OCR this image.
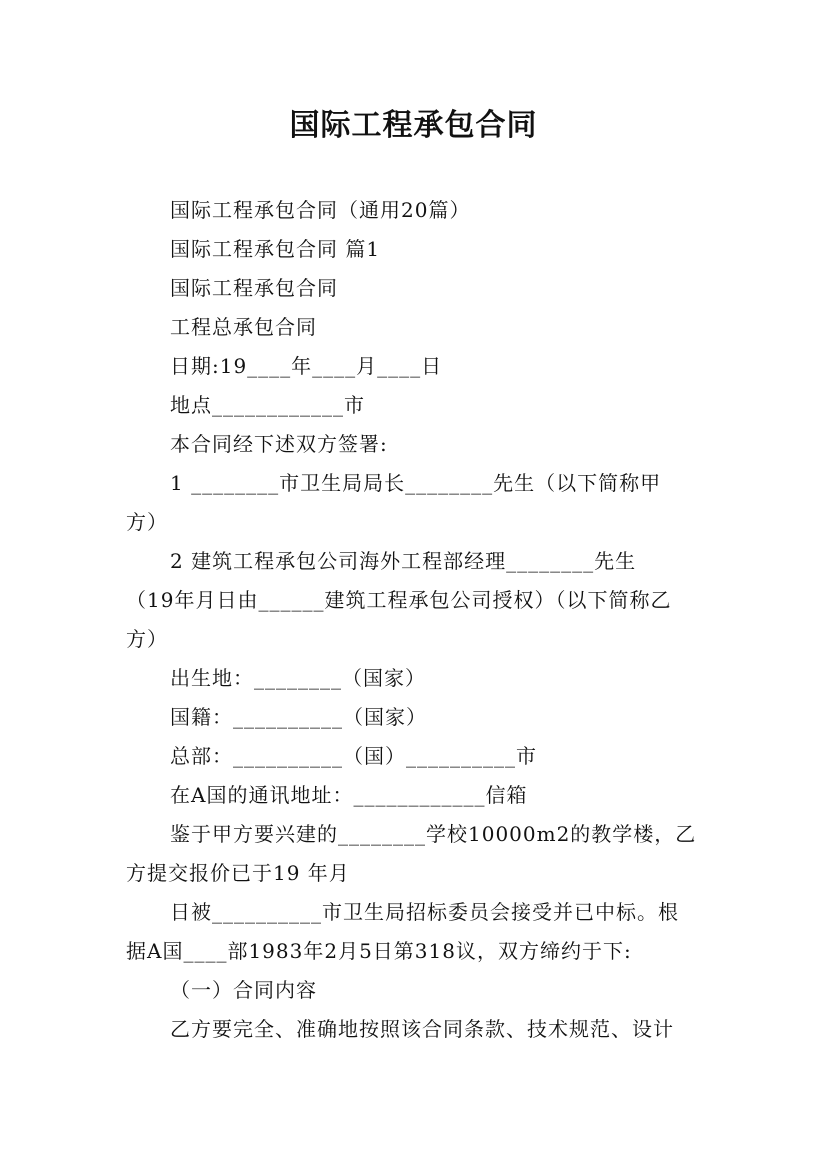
国际工程承包合同
国际工程承包合同（通用20篇）
国际工程承包合同 篇1
国际工程承包合同
工程总承包合同
日期:19____年____月____日
地点____________市
本合同经下述双方签署:
1 ________市卫生局局长________先生（以下简称甲
方）
2 建筑工程承包公司海外工程部经理________先生
（19年月日由______建筑工程承包公司授权）（以下简称乙
方）
出生地：________（国家）
国籍：__________（国家）
总部：__________（国）__________市
在A国的通讯地址：____________信箱
鉴于甲方要兴建的________学校10000m2的教学楼，乙
方提交报价已于19 年月
日被__________市卫生局招标委员会接受并已中标。根
据A国____部1983年2月5日第318议，双方缔约于下:
（一）合同内容
乙方要完全、准确地按照该合同条款、技术规范、设计
